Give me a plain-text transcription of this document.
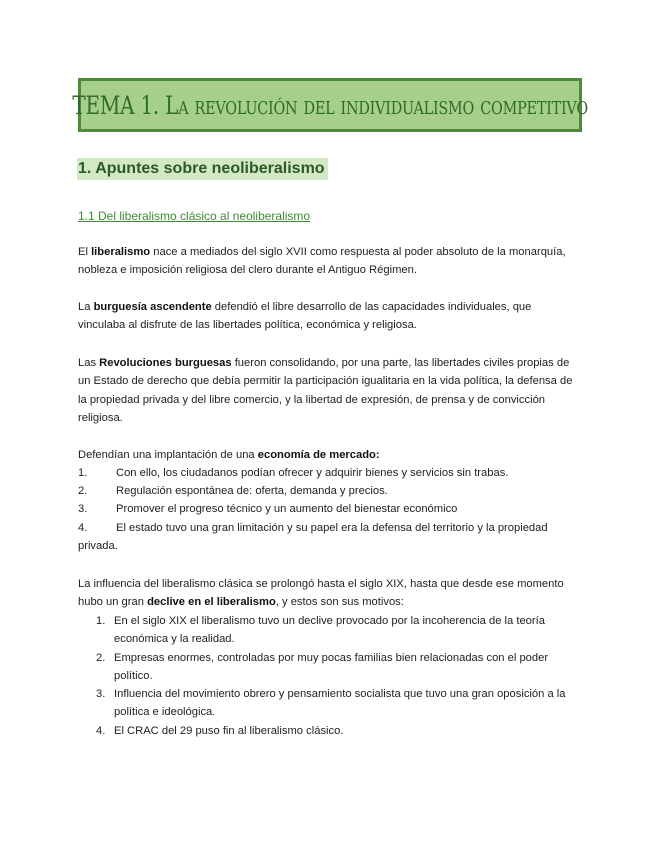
TEMA 1. La revolución del individualismo competitivo
1. Apuntes sobre neoliberalismo
1.1 Del liberalismo clásico al neoliberalismo

El liberalismo nace a mediados del siglo XVII como respuesta al poder absoluto de la monarquía, nobleza e imposición religiosa del clero durante el Antiguo Régimen.

La burguesía ascendente defendió el libre desarrollo de las capacidades individuales, que vinculaba al disfrute de las libertades política, económica y religiosa.

Las Revoluciones burguesas fueron consolidando, por una parte, las libertades civiles propias de un Estado de derecho que debía permitir la participación igualitaria en la vida política, la defensa de la propiedad privada y del libre comercio, y la libertad de expresión, de prensa y de convicción religiosa.

Defendían una implantación de una economía de mercado:

1.	Con ello, los ciudadanos podían ofrecer y adquirir bienes y servicios sin trabas.
2.	Regulación espontánea de: oferta, demanda y precios.
3.	Promover el progreso técnico y un aumento del bienestar económico
4.	El estado tuvo una gran limitación y su papel era la defensa del territorio y la propiedad privada.

La influencia del liberalismo clásica se prolongó hasta el siglo XIX, hasta que desde ese momento hubo un gran declive en el liberalismo, y estos son sus motivos:

1. En el siglo XIX el liberalismo tuvo un declive provocado por la incoherencia de la teoría económica y la realidad.
2. Empresas enormes, controladas por muy pocas familias bien relacionadas con el poder político.
3. Influencia del movimiento obrero y pensamiento socialista que tuvo una gran oposición a la política e ideológica.
4. El CRAC del 29 puso fin al liberalismo clásico.
